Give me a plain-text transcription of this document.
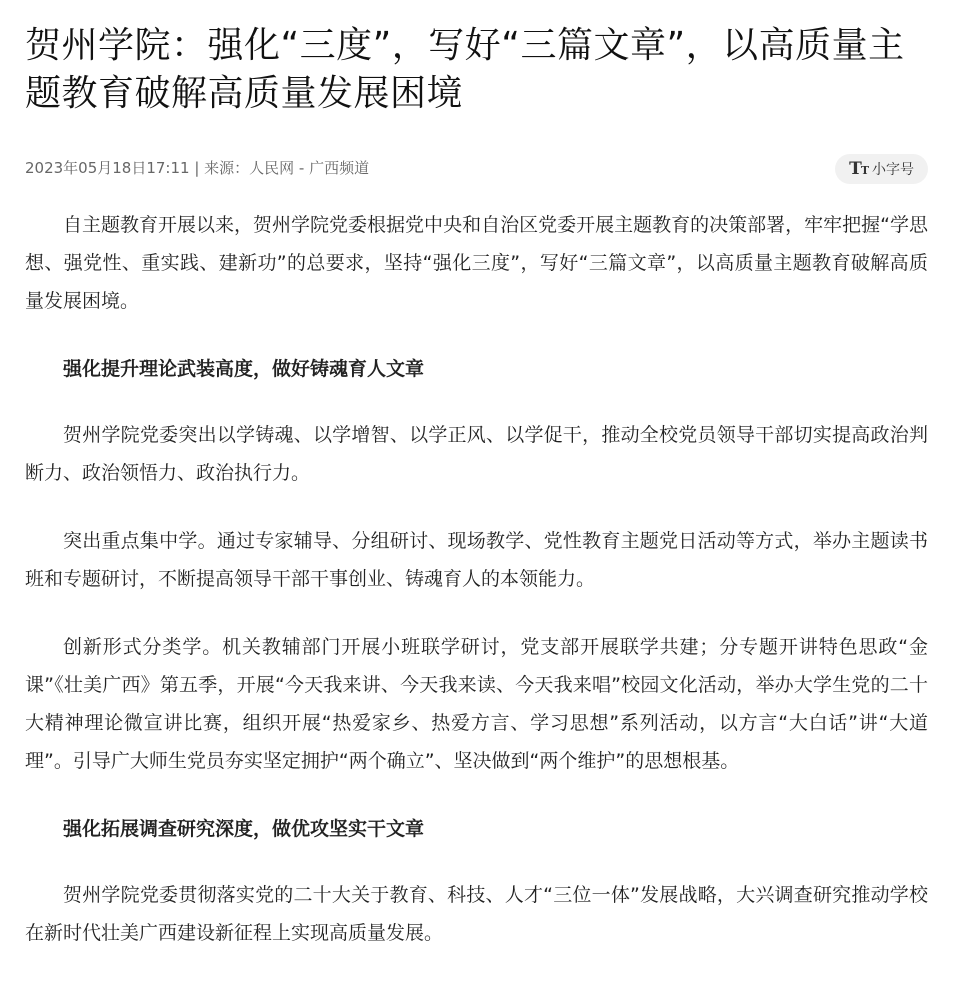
贺州学院：强化“三度”，写好“三篇文章”，以高质量主题教育破解高质量发展困境
2023年05月18日17:11 | 来源：人民网 - 广西频道	TT 小字号

自主题教育开展以来，贺州学院党委根据党中央和自治区党委开展主题教育的决策部署，牢牢把握“学思想、强党性、重实践、建新功”的总要求，坚持“强化三度”，写好“三篇文章”，以高质量主题教育破解高质量发展困境。

强化提升理论武装高度，做好铸魂育人文章

贺州学院党委突出以学铸魂、以学增智、以学正风、以学促干，推动全校党员领导干部切实提高政治判断力、政治领悟力、政治执行力。

突出重点集中学。通过专家辅导、分组研讨、现场教学、党性教育主题党日活动等方式，举办主题读书班和专题研讨，不断提高领导干部干事创业、铸魂育人的本领能力。

创新形式分类学。机关教辅部门开展小班联学研讨，党支部开展联学共建；分专题开讲特色思政“金课”《壮美广西》第五季，开展“今天我来讲、今天我来读、今天我来唱”校园文化活动，举办大学生党的二十大精神理论微宣讲比赛，组织开展“热爱家乡、热爱方言、学习思想”系列活动，以方言“大白话”讲“大道理”。引导广大师生党员夯实坚定拥护“两个确立”、坚决做到“两个维护”的思想根基。

强化拓展调查研究深度，做优攻坚实干文章

贺州学院党委贯彻落实党的二十大关于教育、科技、人才“三位一体”发展战略，大兴调查研究推动学校在新时代壮美广西建设新征程上实现高质量发展。
